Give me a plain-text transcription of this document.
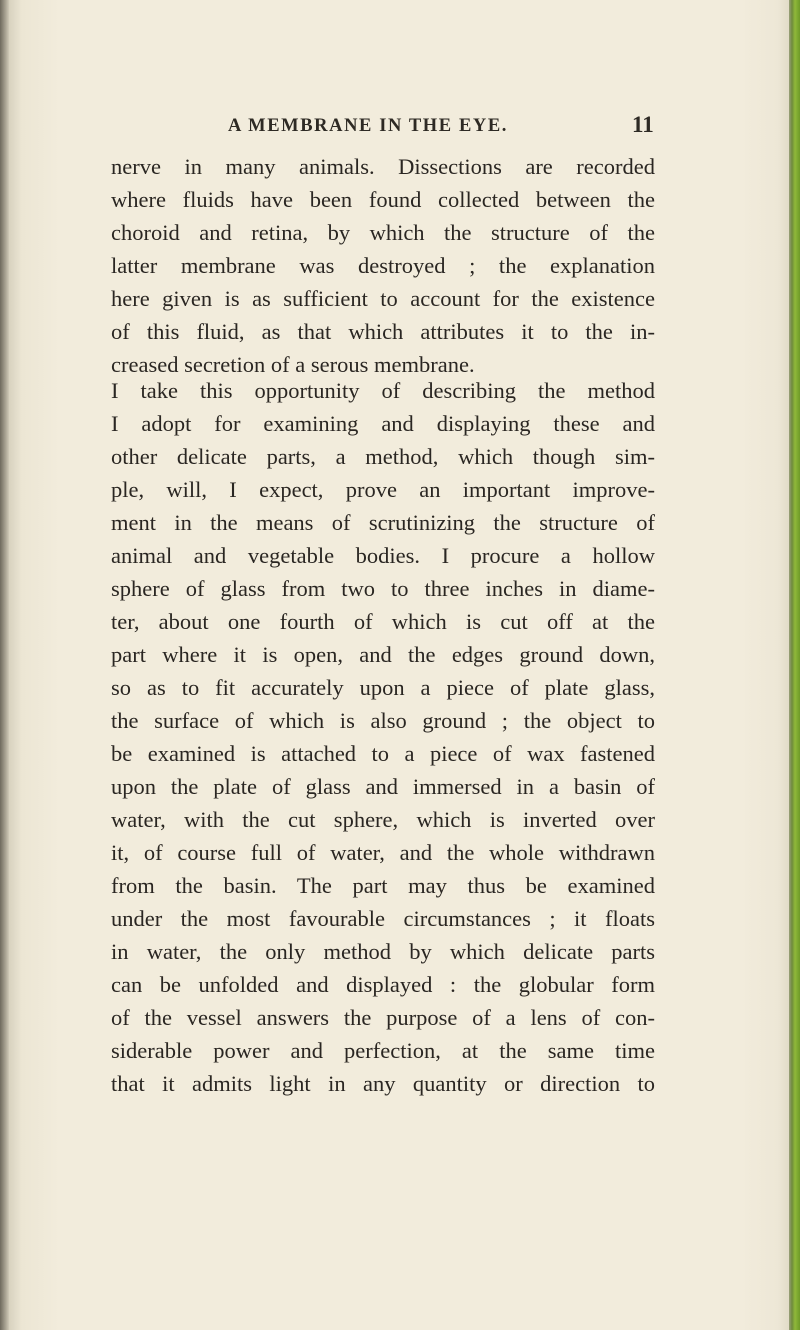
A MEMBRANE IN THE EYE.	11

nerve in many animals. Dissections are recorded
where fluids have been found collected between the
choroid and retina, by which the structure of the
latter membrane was destroyed ; the explanation
here given is as sufficient to account for the existence
of this fluid, as that which attributes it to the in-
creased secretion of a serous membrane.

I take this opportunity of describing the method
I adopt for examining and displaying these and
other delicate parts, a method, which though sim-
ple, will, I expect, prove an important improve-
ment in the means of scrutinizing the structure of
animal and vegetable bodies. I procure a hollow
sphere of glass from two to three inches in diame-
ter, about one fourth of which is cut off at the
part where it is open, and the edges ground down,
so as to fit accurately upon a piece of plate glass,
the surface of which is also ground ; the object to
be examined is attached to a piece of wax fastened
upon the plate of glass and immersed in a basin of
water, with the cut sphere, which is inverted over
it, of course full of water, and the whole withdrawn
from the basin. The part may thus be examined
under the most favourable circumstances ; it floats
in water, the only method by which delicate parts
can be unfolded and displayed : the globular form
of the vessel answers the purpose of a lens of con-
siderable power and perfection, at the same time
that it admits light in any quantity or direction to
